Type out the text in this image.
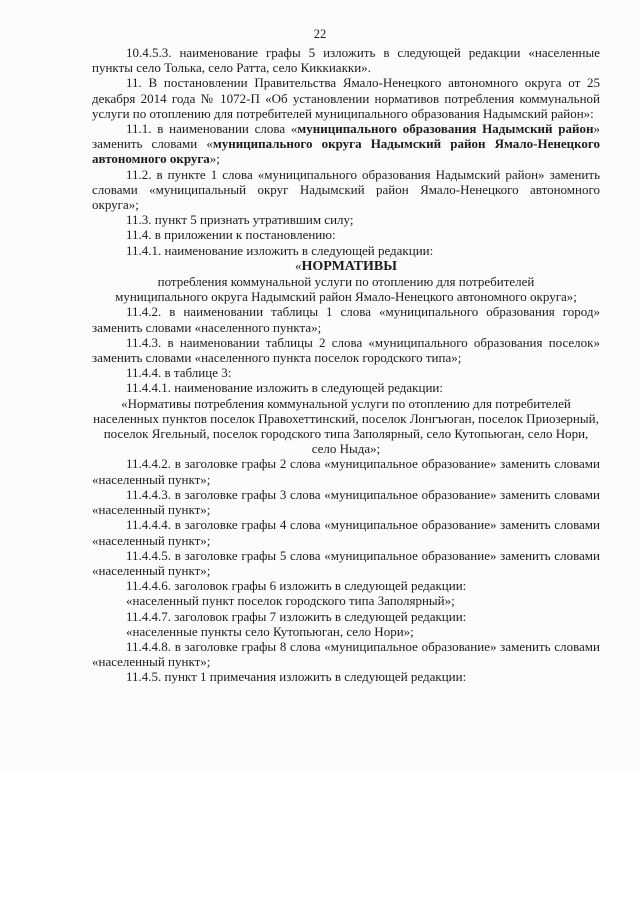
22

10.4.5.3. наименование графы 5 изложить в следующей редакции «населенные пункты село Толька, село Ратта, село Киккиакки».

11. В постановлении Правительства Ямало-Ненецкого автономного округа от 25 декабря 2014 года № 1072-П «Об установлении нормативов потребления коммунальной услуги по отоплению для потребителей муниципального образования Надымский район»:

11.1. в наименовании слова «муниципального образования Надымский район» заменить словами «муниципального округа Надымский район Ямало-Ненецкого автономного округа»;

11.2. в пункте 1 слова «муниципального образования Надымский район» заменить словами «муниципальный округ Надымский район Ямало-Ненецкого автономного округа»;

11.3. пункт 5 признать утратившим силу;

11.4. в приложении к постановлению:

11.4.1. наименование изложить в следующей редакции:

«НОРМАТИВЫ

потребления коммунальной услуги по отоплению для потребителей муниципального округа Надымский район Ямало-Ненецкого автономного округа»;

11.4.2. в наименовании таблицы 1 слова «муниципального образования город» заменить словами «населенного пункта»;

11.4.3. в наименовании таблицы 2 слова «муниципального образования поселок» заменить словами «населенного пункта поселок городского типа»;

11.4.4. в таблице 3:

11.4.4.1. наименование изложить в следующей редакции:

«Нормативы потребления коммунальной услуги по отоплению для потребителей населенных пунктов поселок Правохеттинский, поселок Лонгъюган, поселок Приозерный, поселок Ягельный, поселок городского типа Заполярный, село Кутопьюган, село Нори, село Ныда»;

11.4.4.2. в заголовке графы 2 слова «муниципальное образование» заменить словами «населенный пункт»;

11.4.4.3. в заголовке графы 3 слова «муниципальное образование» заменить словами «населенный пункт»;

11.4.4.4. в заголовке графы 4 слова «муниципальное образование» заменить словами «населенный пункт»;

11.4.4.5. в заголовке графы 5 слова «муниципальное образование» заменить словами «населенный пункт»;

11.4.4.6. заголовок графы 6 изложить в следующей редакции:

«населенный пункт поселок городского типа Заполярный»;

11.4.4.7. заголовок графы 7 изложить в следующей редакции:

«населенные пункты село Кутопьюган, село Нори»;

11.4.4.8. в заголовке графы 8 слова «муниципальное образование» заменить словами «населенный пункт»;

11.4.5. пункт 1 примечания изложить в следующей редакции:
